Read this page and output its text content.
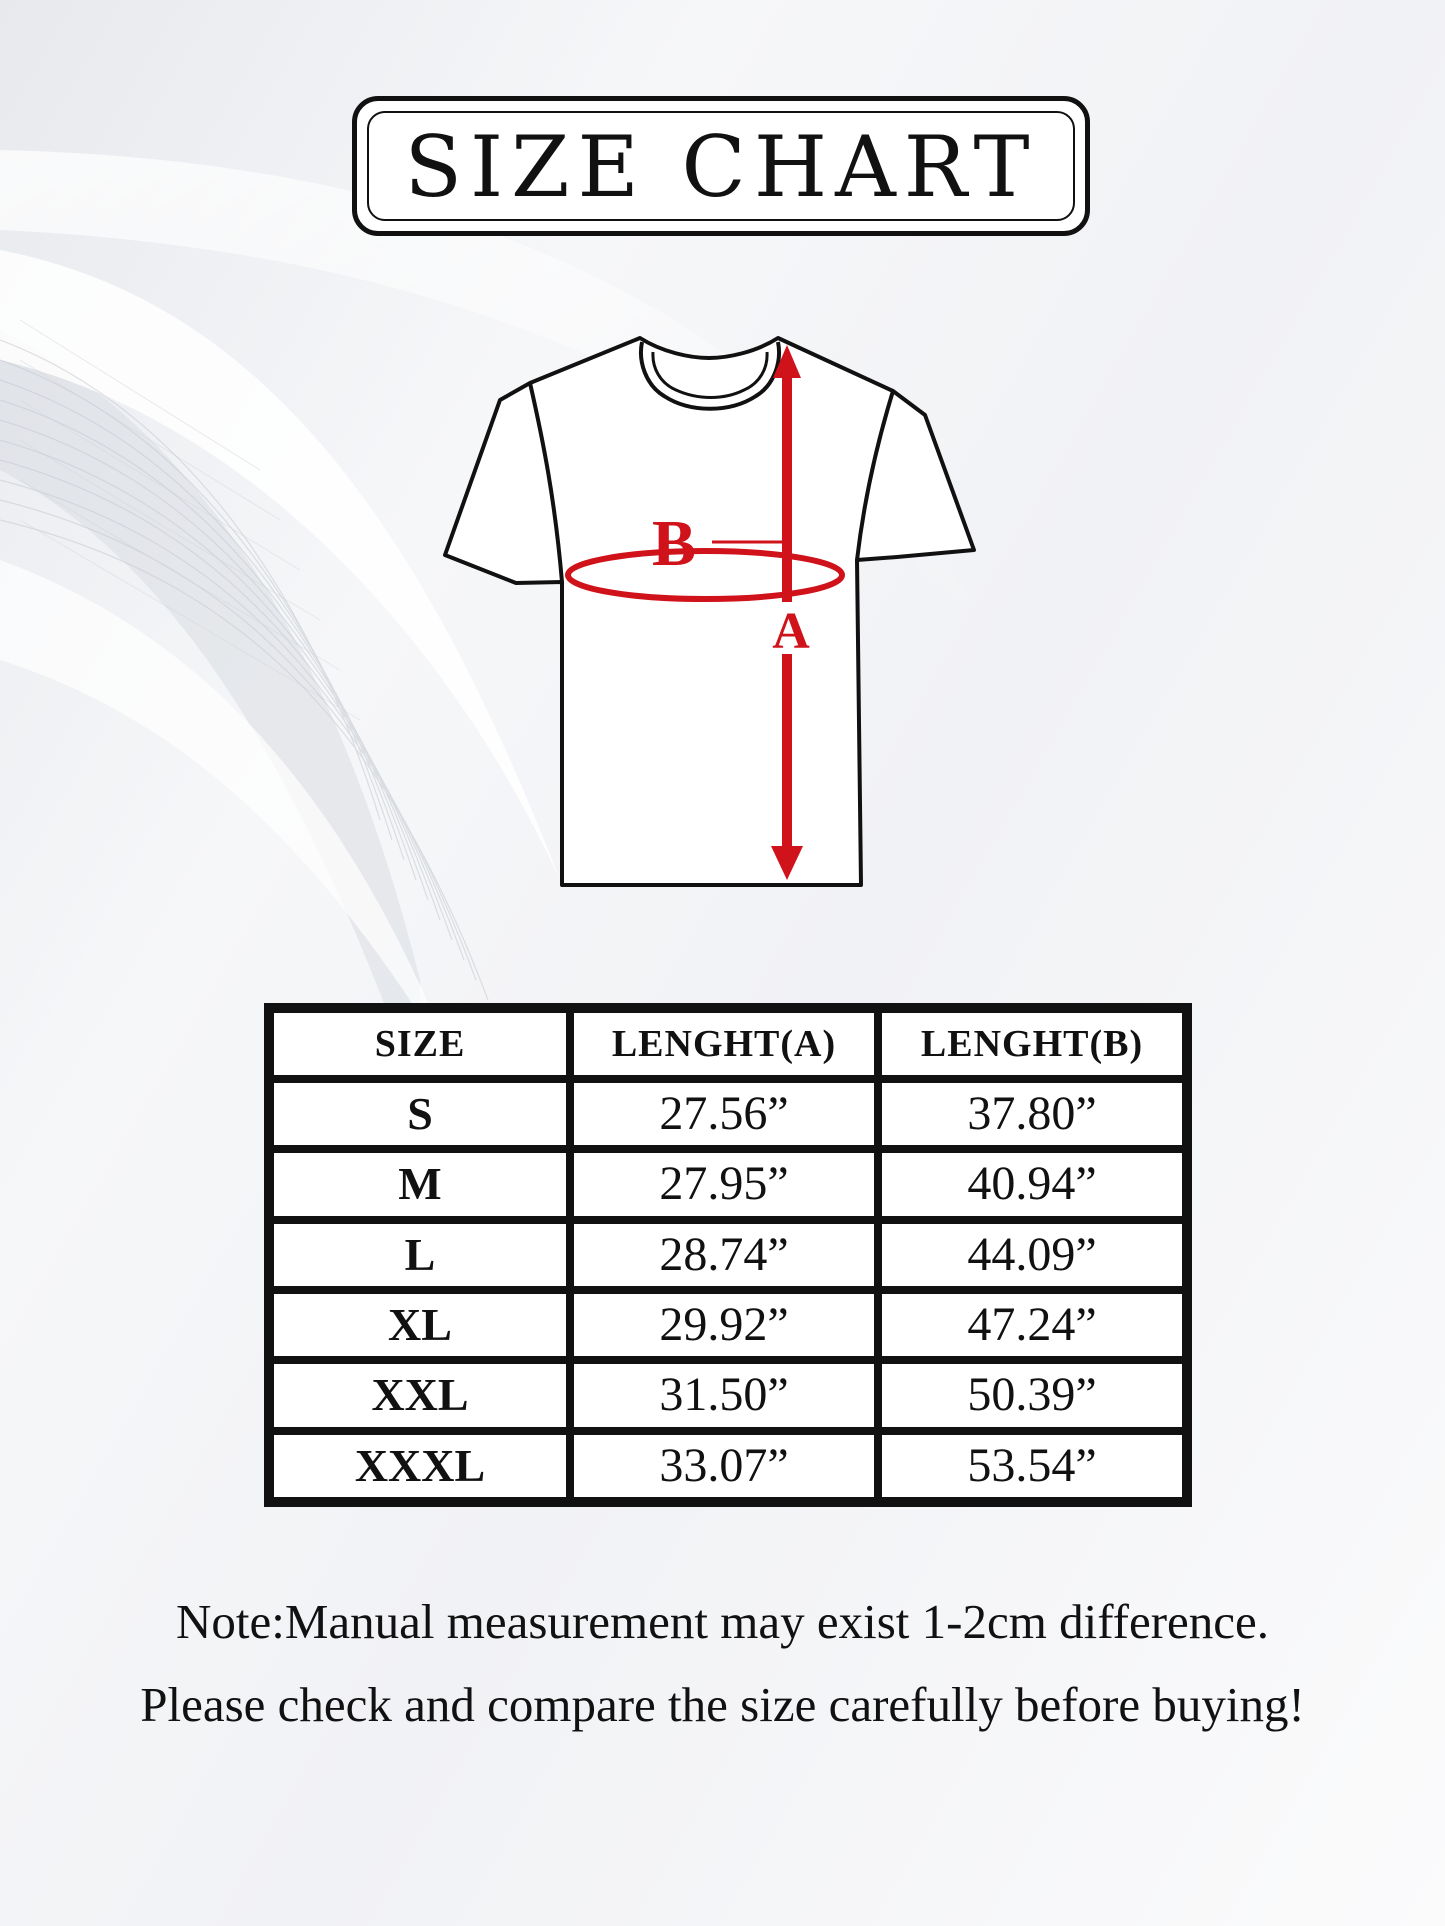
SIZE CHART
B
A
SIZE	LENGHT(A)	LENGHT(B)
S	27.56”	37.80”
M	27.95”	40.94”
L	28.74”	44.09”
XL	29.92”	47.24”
XXL	31.50”	50.39”
XXXL	33.07”	53.54”
Note:Manual measurement may exist 1-2cm difference.
Please check and compare the size carefully before buying!
